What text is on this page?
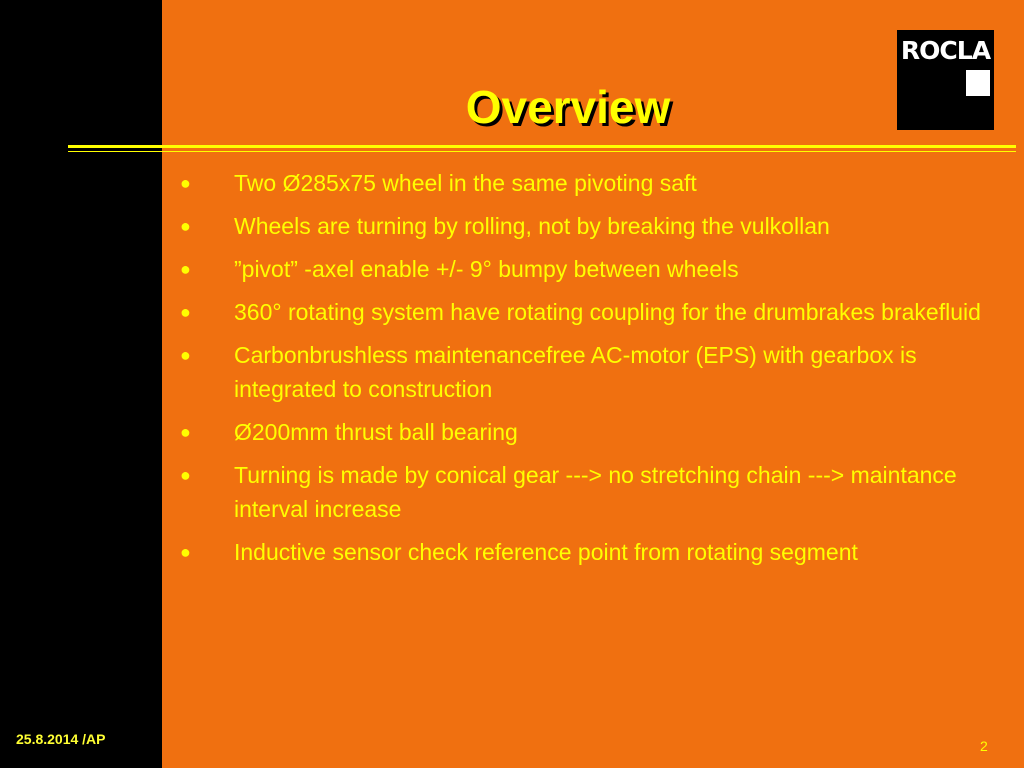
25.8.2014 /AP
Overview
ROCLA
● Two Ø285x75 wheel in the same pivoting saft
● Wheels are turning by rolling, not by breaking the vulkollan
● ”pivot” -axel enable +/- 9° bumpy between wheels
● 360° rotating system have rotating coupling for the drumbrakes brakefluid
● Carbonbrushless maintenancefree AC-motor (EPS) with gearbox is integrated to construction
● Ø200mm thrust ball bearing
● Turning is made by conical gear ---> no stretching chain ---> maintance interval increase
● Inductive sensor check reference point from rotating segment
2
